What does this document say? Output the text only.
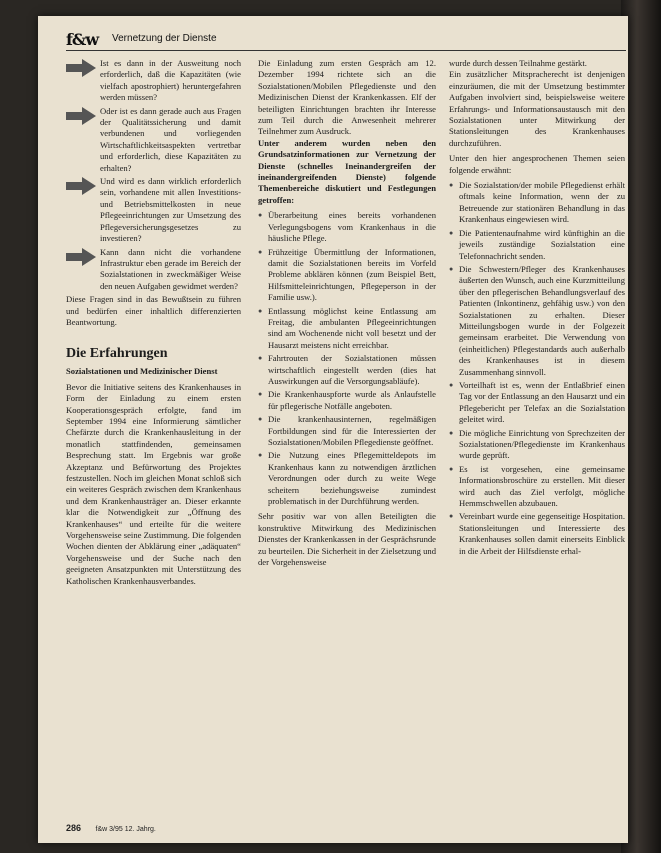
f&w Vernetzung der Dienste

Ist es dann in der Ausweitung noch erforderlich, daß die Kapazitäten (wie vielfach apostrophiert) heruntergefahren werden müssen?

Oder ist es dann gerade auch aus Fragen der Qualitätssicherung und damit verbundenen und vorliegenden Wirtschaftlichkeitsaspekten vertretbar und erforderlich, diese Kapazitäten zu erhalten?

Und wird es dann wirklich erforderlich sein, vorhandene mit allen Investitions- und Betriebsmittelkosten in neue Pflegeeinrichtungen zur Umsetzung des Pflegeversicherungsgesetzes zu investieren?

Kann dann nicht die vorhandene Infrastruktur eben gerade im Bereich der Sozialstationen in zweckmäßiger Weise den neuen Aufgaben gewidmet werden?

Diese Fragen sind in das Bewußtsein zu führen und bedürfen einer inhaltlich differenzierten Beantwortung.

Die Erfahrungen

Sozialstationen und Medizinischer Dienst

Bevor die Initiative seitens des Krankenhauses in Form der Einladung zu einem ersten Kooperationsgespräch erfolgte, fand im September 1994 eine Informierung sämtlicher Chefärzte durch die Krankenhausleitung in der monatlich stattfindenden, gemeinsamen Besprechung statt. Im Ergebnis war große Akzeptanz und Befürwortung des Projektes festzustellen. Noch im gleichen Monat schloß sich ein weiteres Gespräch zwischen dem Krankenhaus und dem Krankenhausträger an. Dieser erkannte klar die Notwendigkeit zur „Öffnung des Krankenhauses“ und erteilte für die weitere Vorgehensweise seine Zustimmung. Die folgenden Wochen dienten der Abklärung einer „adäquaten“ Vorgehensweise und der Suche nach den geeigneten Ansatzpunkten mit Unterstützung des Katholischen Krankenhausverbandes.

Die Einladung zum ersten Gespräch am 12. Dezember 1994 richtete sich an die Sozialstationen/Mobilen Pflegedienste und den Medizinischen Dienst der Krankenkassen. Elf der beteiligten Einrichtungen brachten ihr Interesse zum Teil durch die Anwesenheit mehrerer Teilnehmer zum Ausdruck.

Unter anderem wurden neben den Grundsatzinformationen zur Vernetzung der Dienste (schnelles Ineinandergreifen der ineinandergreifenden Dienste) folgende Themenbereiche diskutiert und Festlegungen getroffen:

● Überarbeitung eines bereits vorhandenen Verlegungsbogens vom Krankenhaus in die häusliche Pflege.
● Frühzeitige Übermittlung der Informationen, damit die Sozialstationen bereits im Vorfeld Probleme abklären können (zum Beispiel Bett, Hilfsmitteleinrichtungen, Pflegeperson in der Familie usw.).
● Entlassung möglichst keine Entlassung am Freitag, die ambulanten Pflegeeinrichtungen sind am Wochenende nicht voll besetzt und der Hausarzt meistens nicht erreichbar.
● Fahrtrouten der Sozialstationen müssen wirtschaftlich eingestellt werden (dies hat Auswirkungen auf die Versorgungsabläufe).
● Die Krankenhauspforte wurde als Anlaufstelle für pflegerische Notfälle angeboten.
● Die krankenhausinternen, regelmäßigen Fortbildungen sind für die Interessierten der Sozialstationen/Mobilen Pflegedienste geöffnet.
● Die Nutzung eines Pflegemitteldepots im Krankenhaus kann zu notwendigen ärztlichen Verordnungen oder durch zu weite Wege scheitern beziehungsweise zumindest problematisch in der Durchführung werden.

Sehr positiv war von allen Beteiligten die konstruktive Mitwirkung des Medizinischen Dienstes der Krankenkassen in der Gesprächsrunde zu beurteilen. Die Sicherheit in der Zielsetzung und der Vorgehensweise

wurde durch dessen Teilnahme gestärkt.

Ein zusätzlicher Mitspracherecht ist denjenigen einzuräumen, die mit der Umsetzung bestimmter Aufgaben involviert sind, beispielsweise weitere Erfahrungs- und Informationsaustausch mit den Sozialstationen unter Mitwirkung der Stationsleitungen des Krankenhauses durchzuführen.

Unter den hier angesprochenen Themen seien folgende erwähnt:

● Die Sozialstation/der mobile Pflegedienst erhält oftmals keine Information, wenn der zu Betreuende zur stationären Behandlung in das Krankenhaus eingewiesen wird.
● Die Patientenaufnahme wird künftighin an die jeweils zuständige Sozialstation eine Telefonnachricht senden.
● Die Schwestern/Pfleger des Krankenhauses äußerten den Wunsch, auch eine Kurzmitteilung über den pflegerischen Behandlungsverlauf des Patienten (Inkontinenz, gehfähig usw.) von den Sozialstationen zu erhalten. Dieser Mitteilungsbogen wurde in der Folgezeit gemeinsam erarbeitet. Die Verwendung von (einheitlichen) Pflegestandards auch außerhalb des Krankenhauses ist in diesem Zusammenhang sinnvoll.
● Vorteilhaft ist es, wenn der Entlaßbrief einen Tag vor der Entlassung an den Hausarzt und ein Pflegebericht per Telefax an die Sozialstation geleitet wird.
● Die mögliche Einrichtung von Sprechzeiten der Sozialstationen/Pflegedienste im Krankenhaus wurde geprüft.
● Es ist vorgesehen, eine gemeinsame Informationsbroschüre zu erstellen. Mit dieser wird auch das Ziel verfolgt, mögliche Hemmschwellen abzubauen.
● Vereinbart wurde eine gegenseitige Hospitation. Stationsleitungen und Interessierte des Krankenhauses sollen damit einerseits Einblick in die Arbeit der Hilfsdienste erhal-
286 f&w 3/95 12. Jahrg.
